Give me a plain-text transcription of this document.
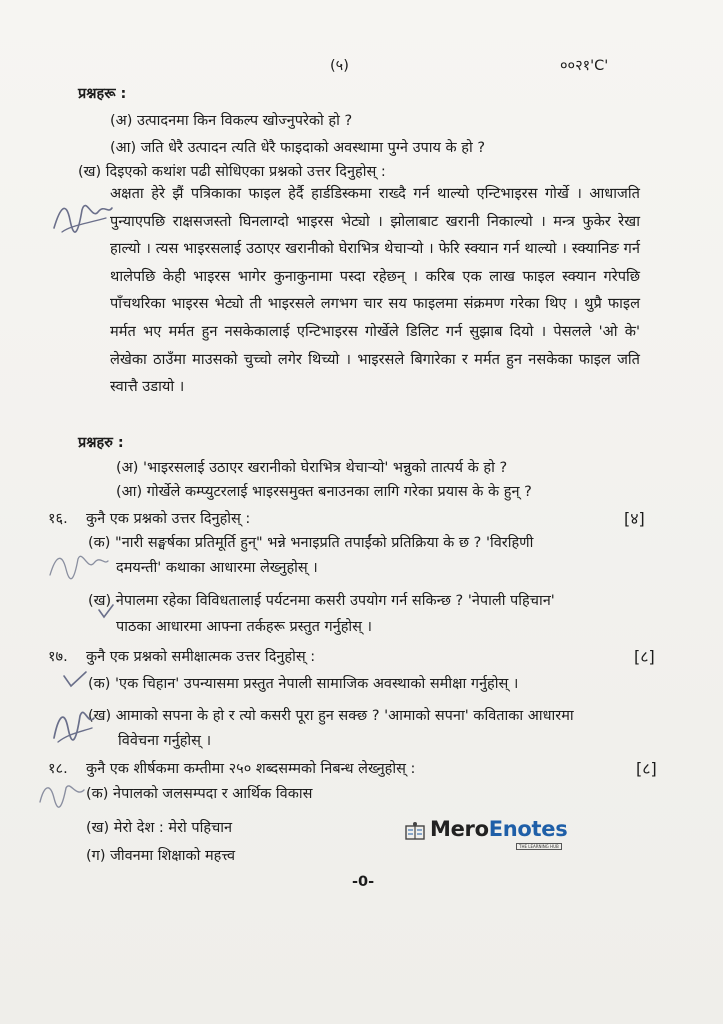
(५)	००२१'C'
प्रश्नहरू :
(अ) उत्पादनमा किन विकल्प खोज्नुपरेको हो ?
(आ) जति धेरै उत्पादन त्यति धेरै फाइदाको अवस्थामा पुग्ने उपाय के हो ?
(ख) दिइएको कथांश पढी सोधिएका प्रश्नको उत्तर दिनुहोस् :
अक्षता हेरे झैं पत्रिकाका फाइल हेर्दै हार्डडिस्कमा राख्दै गर्न थाल्यो एन्टिभाइरस गोर्खे । आधाजति पुन्याएपछि राक्षसजस्तो घिनलाग्दो भाइरस भेट्यो । झोलाबाट खरानी निकाल्यो । मन्त्र फुकेर रेखा हाल्यो । त्यस भाइरसलाई उठाएर खरानीको घेराभित्र थेचाऱ्यो । फेरि स्क्यान गर्न थाल्यो । स्क्यानिङ गर्न थालेपछि केही भाइरस भागेर कुनाकुनामा पस्दा रहेछन् । करिब एक लाख फाइल स्क्यान गरेपछि पाँचथरिका भाइरस भेट्यो ती भाइरसले लगभग चार सय फाइलमा संक्रमण गरेका थिए । थुप्रै फाइल मर्मत भए मर्मत हुन नसकेकालाई एन्टिभाइरस गोर्खेले डिलिट गर्न सुझाब दियो । पेसलले 'ओ के' लेखेका ठाउँमा माउसको चुच्चो लगेर थिच्यो । भाइरसले बिगारेका र मर्मत हुन नसकेका फाइल जति स्वात्तै उडायो ।
प्रश्नहरु :
(अ) 'भाइरसलाई उठाएर खरानीको घेराभित्र थेचाऱ्यो' भन्नुको तात्पर्य के हो ?
(आ) गोर्खेले कम्प्युटरलाई भाइरसमुक्त बनाउनका लागि गरेका प्रयास के के हुन् ?
१६. कुनै एक प्रश्नको उत्तर दिनुहोस् :	[४]
(क) "नारी सङ्घर्षका प्रतिमूर्ति हुन्" भन्ने भनाइप्रति तपाईंको प्रतिक्रिया के छ ? 'विरहिणी
दमयन्ती' कथाका आधारमा लेख्नुहोस् ।
(ख) नेपालमा रहेका विविधतालाई पर्यटनमा कसरी उपयोग गर्न सकिन्छ ? 'नेपाली पहिचान'
पाठका आधारमा आफ्ना तर्कहरू प्रस्तुत गर्नुहोस् ।
१७. कुनै एक प्रश्नको समीक्षात्मक उत्तर दिनुहोस् :	[८]
(क) 'एक चिहान' उपन्यासमा प्रस्तुत नेपाली सामाजिक अवस्थाको समीक्षा गर्नुहोस् ।
(ख) आमाको सपना के हो र त्यो कसरी पूरा हुन सक्छ ? 'आमाको सपना' कविताका आधारमा
विवेचना गर्नुहोस् ।
१८. कुनै एक शीर्षकमा कम्तीमा २५० शब्दसम्मको निबन्ध लेख्नुहोस् :	[८]
(क) नेपालको जलसम्पदा र आर्थिक विकास
(ख) मेरो देश : मेरो पहिचान
(ग) जीवनमा शिक्षाको महत्त्व
MeroEnotes
THE LEARNING HUB
-0-
